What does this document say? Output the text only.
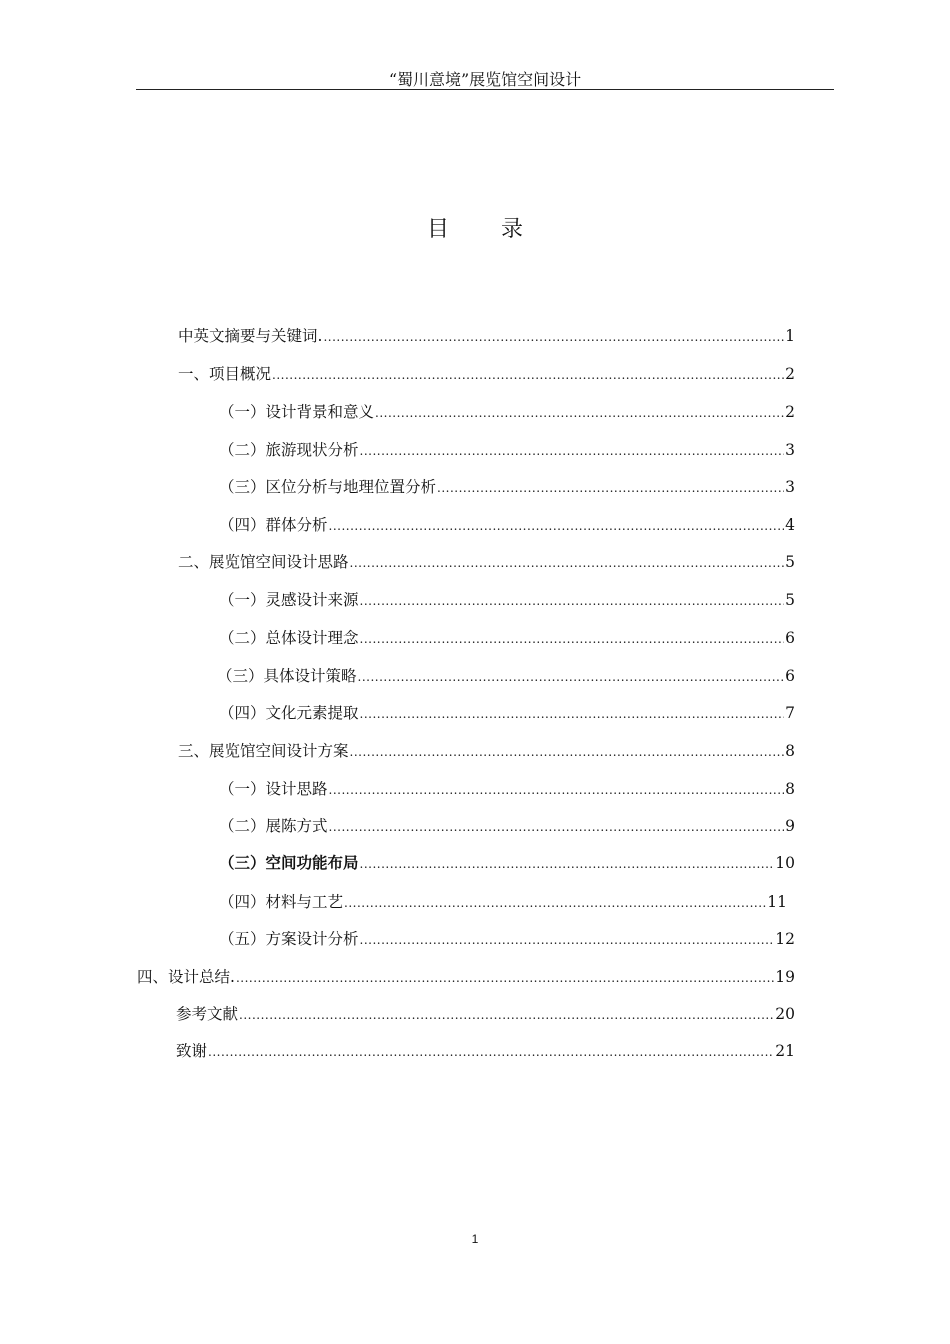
“蜀川意境”展览馆空间设计
目 录
中英文摘要与关键词. .....	1
一、项目概况 .....	2
（一）设计背景和意义 .....	2
（二）旅游现状分析 .....	3
（三）区位分析与地理位置分析 .....	3
（四）群体分析 .....	4
二、展览馆空间设计思路 .....	5
（一）灵感设计来源 .....	5
（二）总体设计理念 .....	6
（三）具体设计策略 .....	6
（四）文化元素提取 .....	7
三、展览馆空间设计方案 .....	8
（一）设计思路 .....	8
（二）展陈方式 .....	9
（三）空间功能布局 .....	10
（四）材料与工艺 .....	11
（五）方案设计分析 .....	12
四、设计总结. .....	19
参考文献 .....	20
致谢 .....	21
1
